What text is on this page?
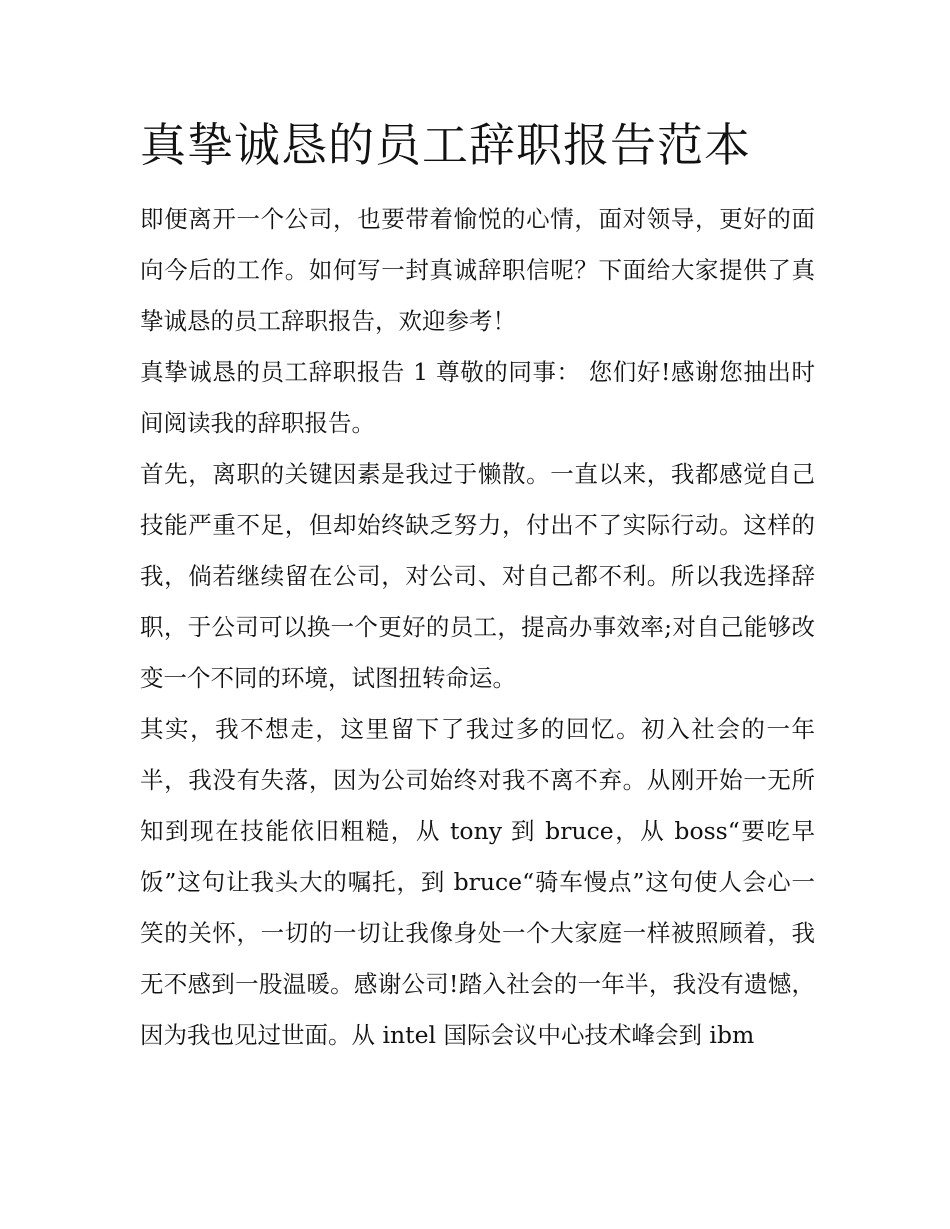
真挚诚恳的员工辞职报告范本

即便离开一个公司，也要带着愉悦的心情，面对领导，更好的面向今后的工作。如何写一封真诚辞职信呢？下面给大家提供了真挚诚恳的员工辞职报告，欢迎参考！

真挚诚恳的员工辞职报告 1 尊敬的同事： 您们好!感谢您抽出时间阅读我的辞职报告。

首先，离职的关键因素是我过于懒散。一直以来，我都感觉自己技能严重不足，但却始终缺乏努力，付出不了实际行动。这样的我，倘若继续留在公司，对公司、对自己都不利。所以我选择辞职，于公司可以换一个更好的员工，提高办事效率;对自己能够改变一个不同的环境，试图扭转命运。

其实，我不想走，这里留下了我过多的回忆。初入社会的一年半，我没有失落，因为公司始终对我不离不弃。从刚开始一无所知到现在技能依旧粗糙，从 tony 到 bruce，从 boss“要吃早饭”这句让我头大的嘱托，到 bruce“骑车慢点”这句使人会心一笑的关怀，一切的一切让我像身处一个大家庭一样被照顾着，我无不感到一股温暖。感谢公司!踏入社会的一年半，我没有遗憾，因为我也见过世面。从 intel 国际会议中心技术峰会到 ibm
